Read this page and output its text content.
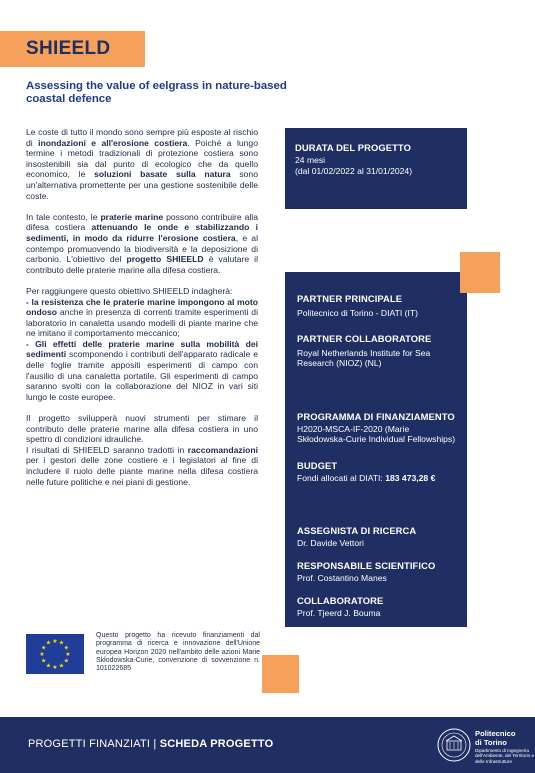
SHIEELD
Assessing the value of eelgrass in nature-based coastal defence

Le coste di tutto il mondo sono sempre più esposte al rischio di inondazioni e all'erosione costiera. Poiché a lungo termine i metodi tradizionali di protezione costiera sono insostenibili sia dal punto di ecologico che da quello economico, le soluzioni basate sulla natura sono un'alternativa promettente per una gestione sostenibile delle coste.

In tale contesto, le praterie marine possono contribuire alla difesa costiera attenuando le onde e stabilizzando i sedimenti, in modo da ridurre l'erosione costiera, e al contempo promuovendo la biodiversità e la deposizione di carbonio. L'obiettivo del progetto SHIEELD è valutare il contributo delle praterie marine alla difesa costiera.

Per raggiungere questo obiettivo SHIEELD indagherà:
- la resistenza che le praterie marine impongono al moto ondoso anche in presenza di correnti tramite esperimenti di laboratorio in canaletta usando modelli di piante marine che ne imitano il comportamento meccanico;
- Gli effetti delle praterie marine sulla mobilità dei sedimenti scomponendo i contributi dell'apparato radicale e delle foglie tramite appositi esperimenti di campo con l'ausilio di una canaletta portatile. Gli esperimenti di campo saranno svolti con la collaborazione del NIOZ in vari siti lungo le coste europee.

Il progetto svilupperà nuovi strumenti per stimare il contributo delle praterie marine alla difesa costiera in uno spettro di condizioni idrauliche.
I risultati di SHIEELD saranno tradotti in raccomandazioni per i gestori delle zone costiere e i legislatori al fine di includere il ruolo delle piante marine nella difesa costiera nelle future politiche e nei piani di gestione.

DURATA DEL PROGETTO
24 mesi
(dal 01/02/2022 al 31/01/2024)
PARTNER PRINCIPALE
Politecnico di Torino - DIATI (IT)
PARTNER COLLABORATORE
Royal Netherlands Institute for Sea Research (NIOZ) (NL)
PROGRAMMA DI FINANZIAMENTO
H2020-MSCA-IF-2020 (Marie Skłodowska-Curie Individual Fellowships)
BUDGET
Fondi allocati al DIATI: 183 473,28 €
ASSEGNISTA DI RICERCA
Dr. Davide Vettori
RESPONSABILE SCIENTIFICO
Prof. Costantino Manes
COLLABORATORE
Prof. Tjeerd J. Bouma
★ ★
★
★
★
★
★
★
★
★
★
★
Questo progetto ha ricevuto finanziamenti dal programma di ricerca e innovazione dell'Unione europea Horizon 2020 nell'ambito delle azioni Marie Skłodowska-Curie, convenzione di sovvenzione n. 101022685
PROGETTI FINANZIATI | SCHEDA PROGETTO
Politecnico
di Torino
Dipartimento di Ingegneria dell'Ambiente, del Territorio e delle Infrastrutture
